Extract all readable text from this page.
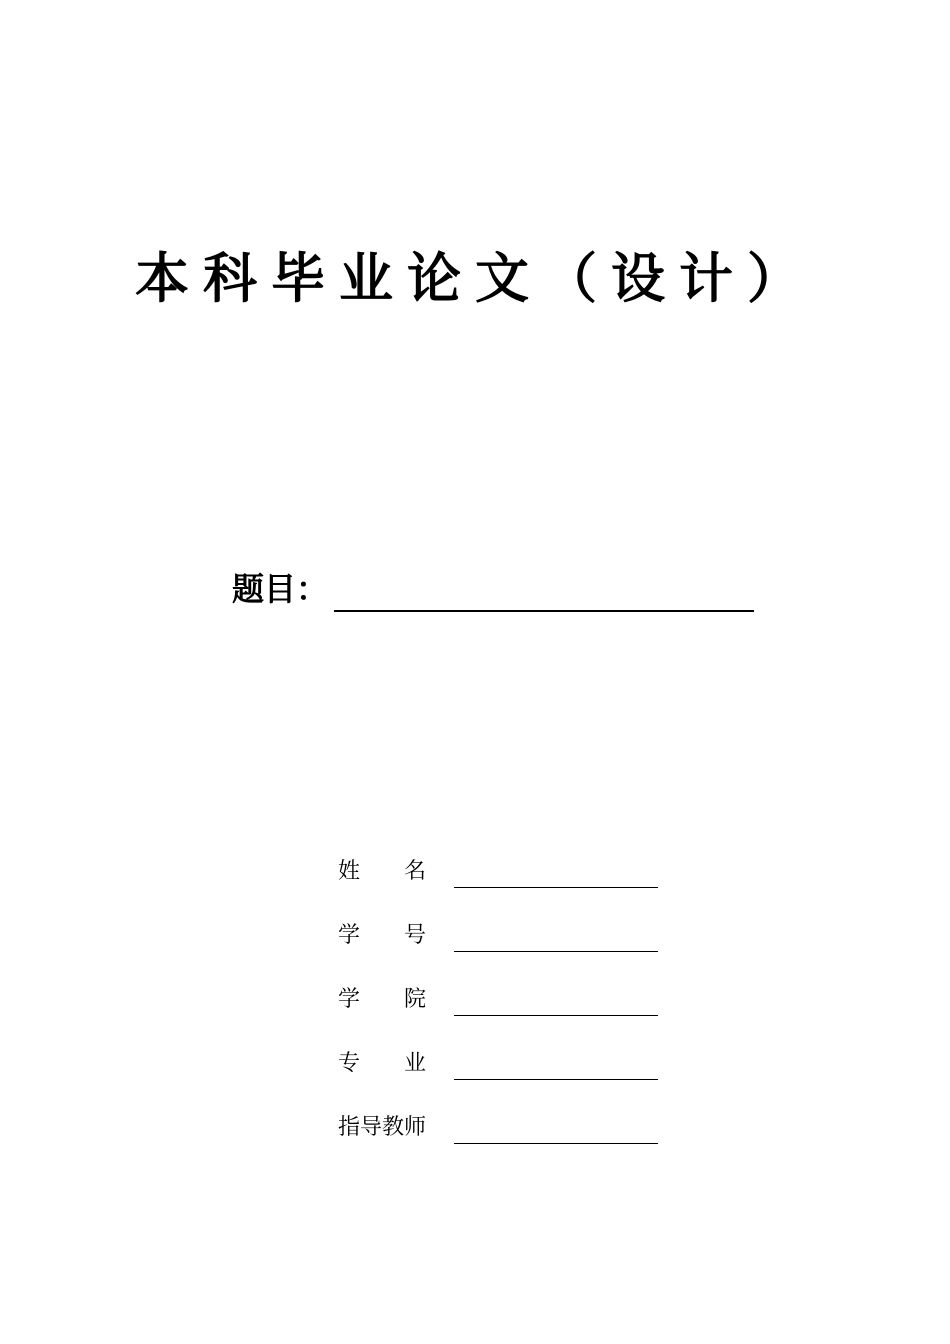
本科毕业论文（设计）
题目：
姓　　名
学　　号
学　　院
专　　业
指导教师
